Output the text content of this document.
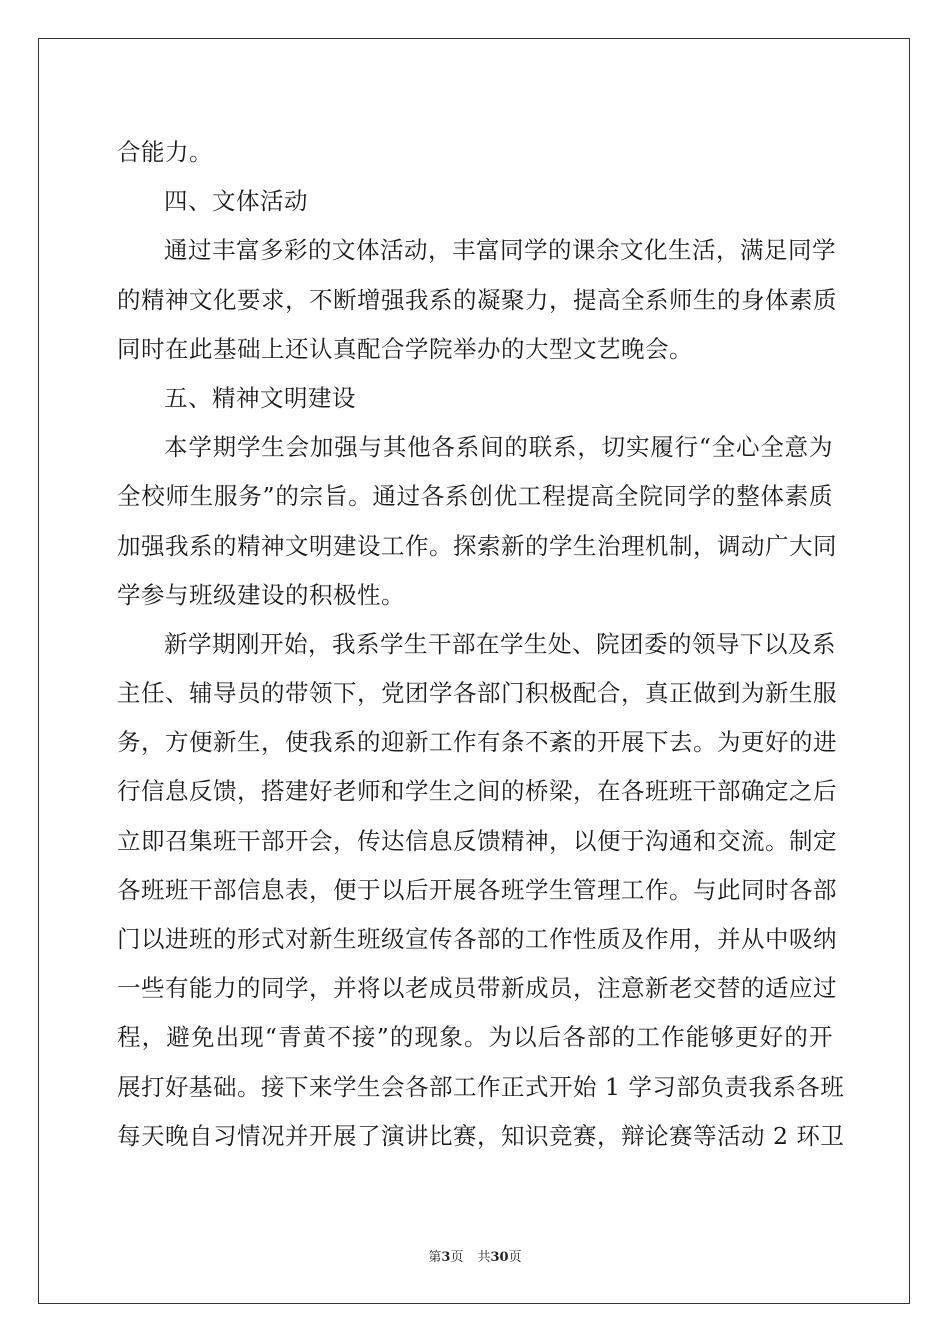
合能力。
四、文体活动
通过丰富多彩的文体活动，丰富同学的课余文化生活，满足同学
的精神文化要求，不断增强我系的凝聚力，提高全系师生的身体素质
同时在此基础上还认真配合学院举办的大型文艺晚会。
五、精神文明建设
本学期学生会加强与其他各系间的联系，切实履行“全心全意为
全校师生服务”的宗旨。通过各系创优工程提高全院同学的整体素质
加强我系的精神文明建设工作。探索新的学生治理机制，调动广大同
学参与班级建设的积极性。
新学期刚开始，我系学生干部在学生处、院团委的领导下以及系
主任、辅导员的带领下，党团学各部门积极配合，真正做到为新生服
务，方便新生，使我系的迎新工作有条不紊的开展下去。为更好的进
行信息反馈，搭建好老师和学生之间的桥梁，在各班班干部确定之后
立即召集班干部开会，传达信息反馈精神，以便于沟通和交流。制定
各班班干部信息表，便于以后开展各班学生管理工作。与此同时各部
门以进班的形式对新生班级宣传各部的工作性质及作用，并从中吸纳
一些有能力的同学，并将以老成员带新成员，注意新老交替的适应过
程，避免出现“青黄不接”的现象。为以后各部的工作能够更好的开
展打好基础。接下来学生会各部工作正式开始 1 学习部负责我系各班
每天晚自习情况并开展了演讲比赛，知识竞赛，辩论赛等活动 2 环卫
第3页 共30页
